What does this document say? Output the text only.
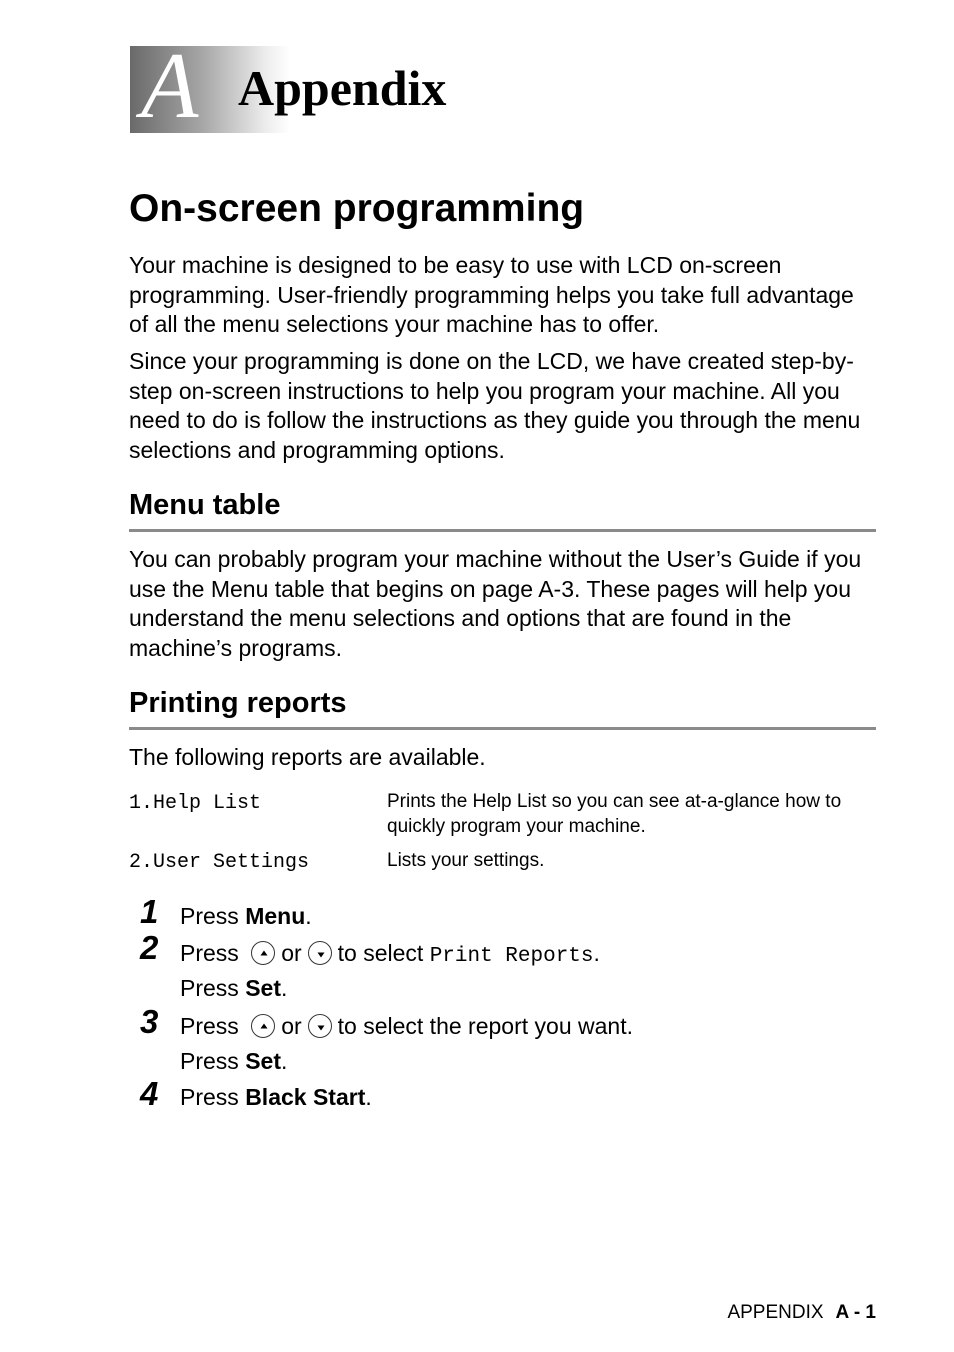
A Appendix
On-screen programming

Your machine is designed to be easy to use with LCD on-screen programming. User-friendly programming helps you take full advantage of all the menu selections your machine has to offer.

Since your programming is done on the LCD, we have created step-by-step on-screen instructions to help you program your machine. All you need to do is follow the instructions as they guide you through the menu selections and programming options.

Menu table

You can probably program your machine without the User’s Guide if you use the Menu table that begins on page A-3. These pages will help you understand the menu selections and options that are found in the machine’s programs.

Printing reports

The following reports are available.

1.Help List	Prints the Help List so you can see at-a-glance how to quickly program your machine.
2.User Settings	Lists your settings.
1 Press Menu.
2 Press
or to select Print Reports.
Press Set.
3 Press
or to select the report you want.
Press Set.
4 Press Black Start.
APPENDIX A - 1
